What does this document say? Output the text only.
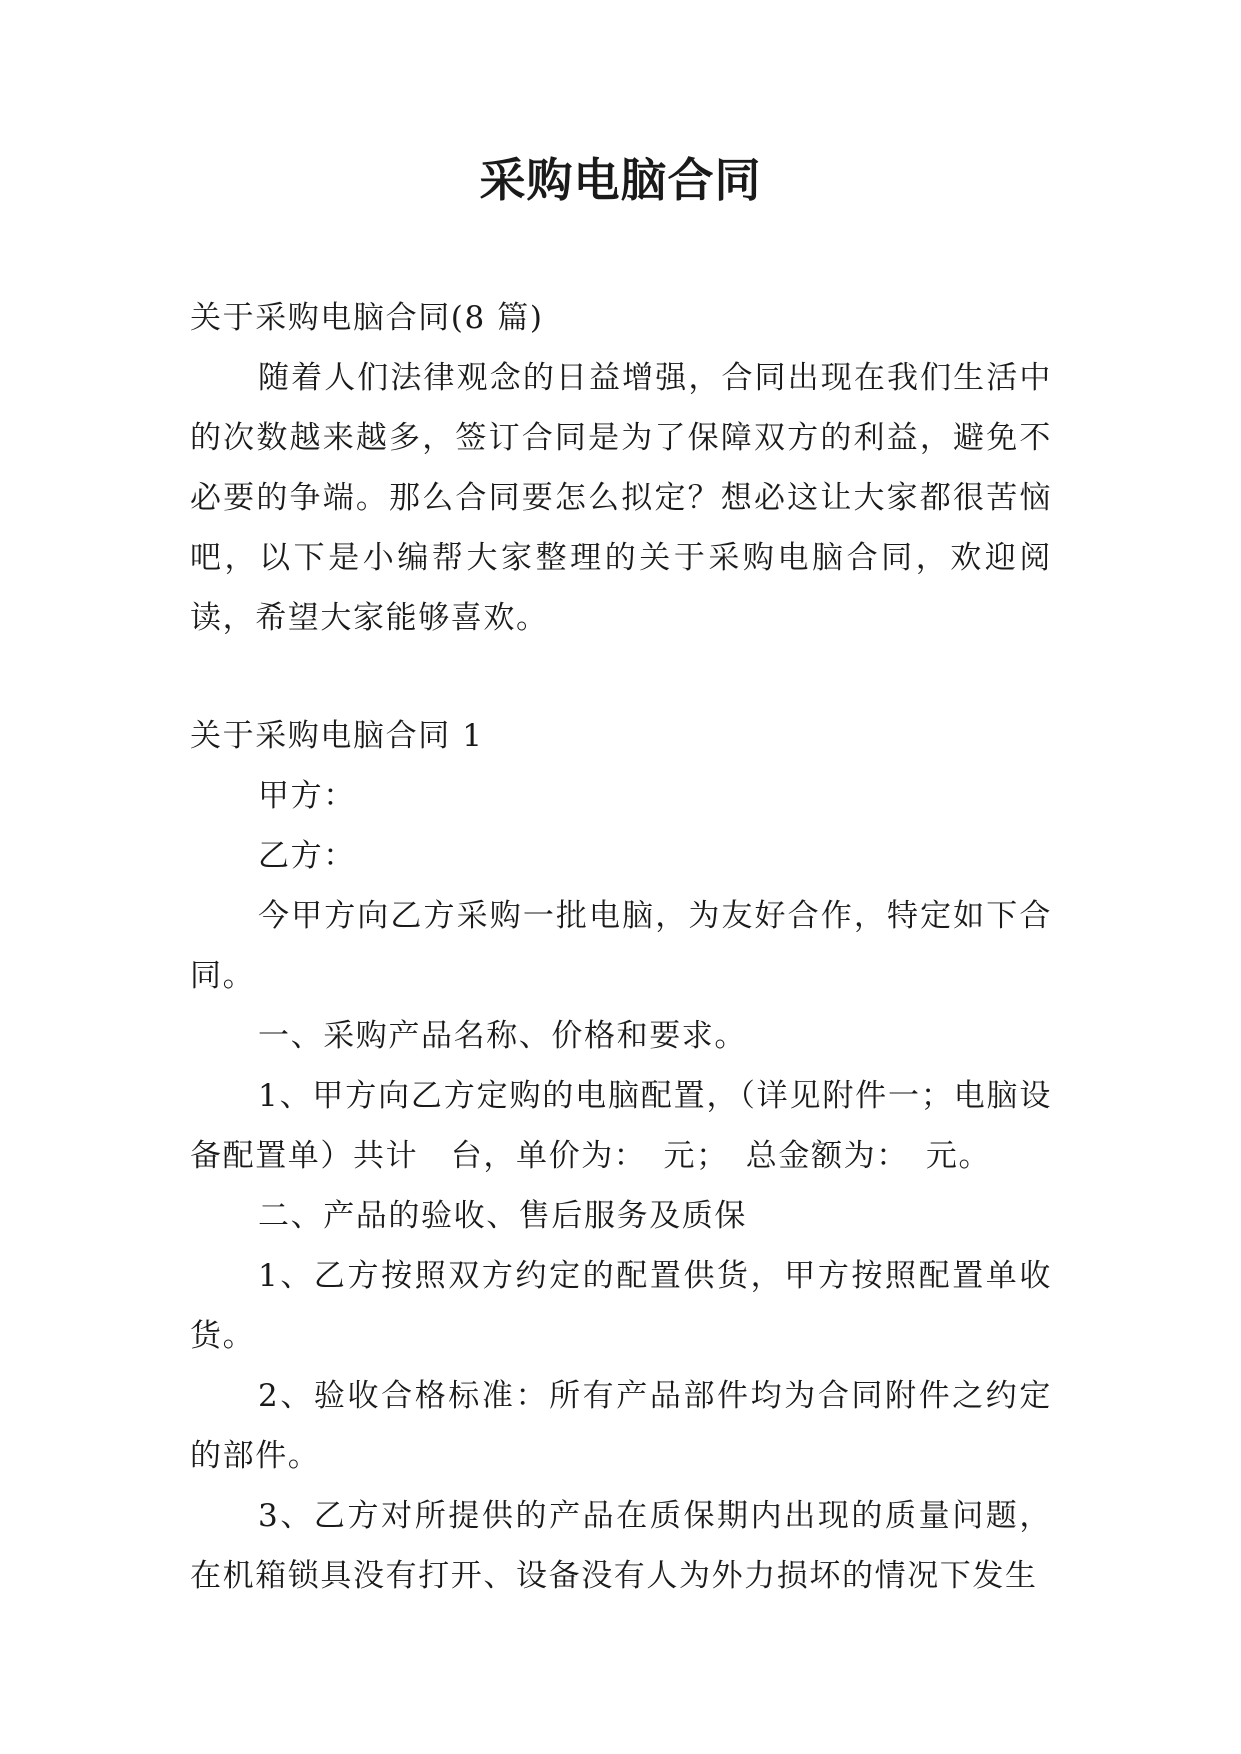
采购电脑合同

关于采购电脑合同(8 篇)

随着人们法律观念的日益增强，合同出现在我们生活中的次数越来越多，签订合同是为了保障双方的利益，避免不必要的争端。那么合同要怎么拟定？想必这让大家都很苦恼吧，以下是小编帮大家整理的关于采购电脑合同，欢迎阅读，希望大家能够喜欢。

关于采购电脑合同 1

甲方：

乙方：

今甲方向乙方采购一批电脑，为友好合作，特定如下合同。

一、采购产品名称、价格和要求。

1、甲方向乙方定购的电脑配置，（详见附件一；电脑设备配置单）共计　台，单价为：　元；　总金额为：　元。

二、产品的验收、售后服务及质保

1、乙方按照双方约定的配置供货，甲方按照配置单收货。

2、验收合格标准：所有产品部件均为合同附件之约定的部件。

3、乙方对所提供的产品在质保期内出现的质量问题，在机箱锁具没有打开、设备没有人为外力损坏的情况下发生
